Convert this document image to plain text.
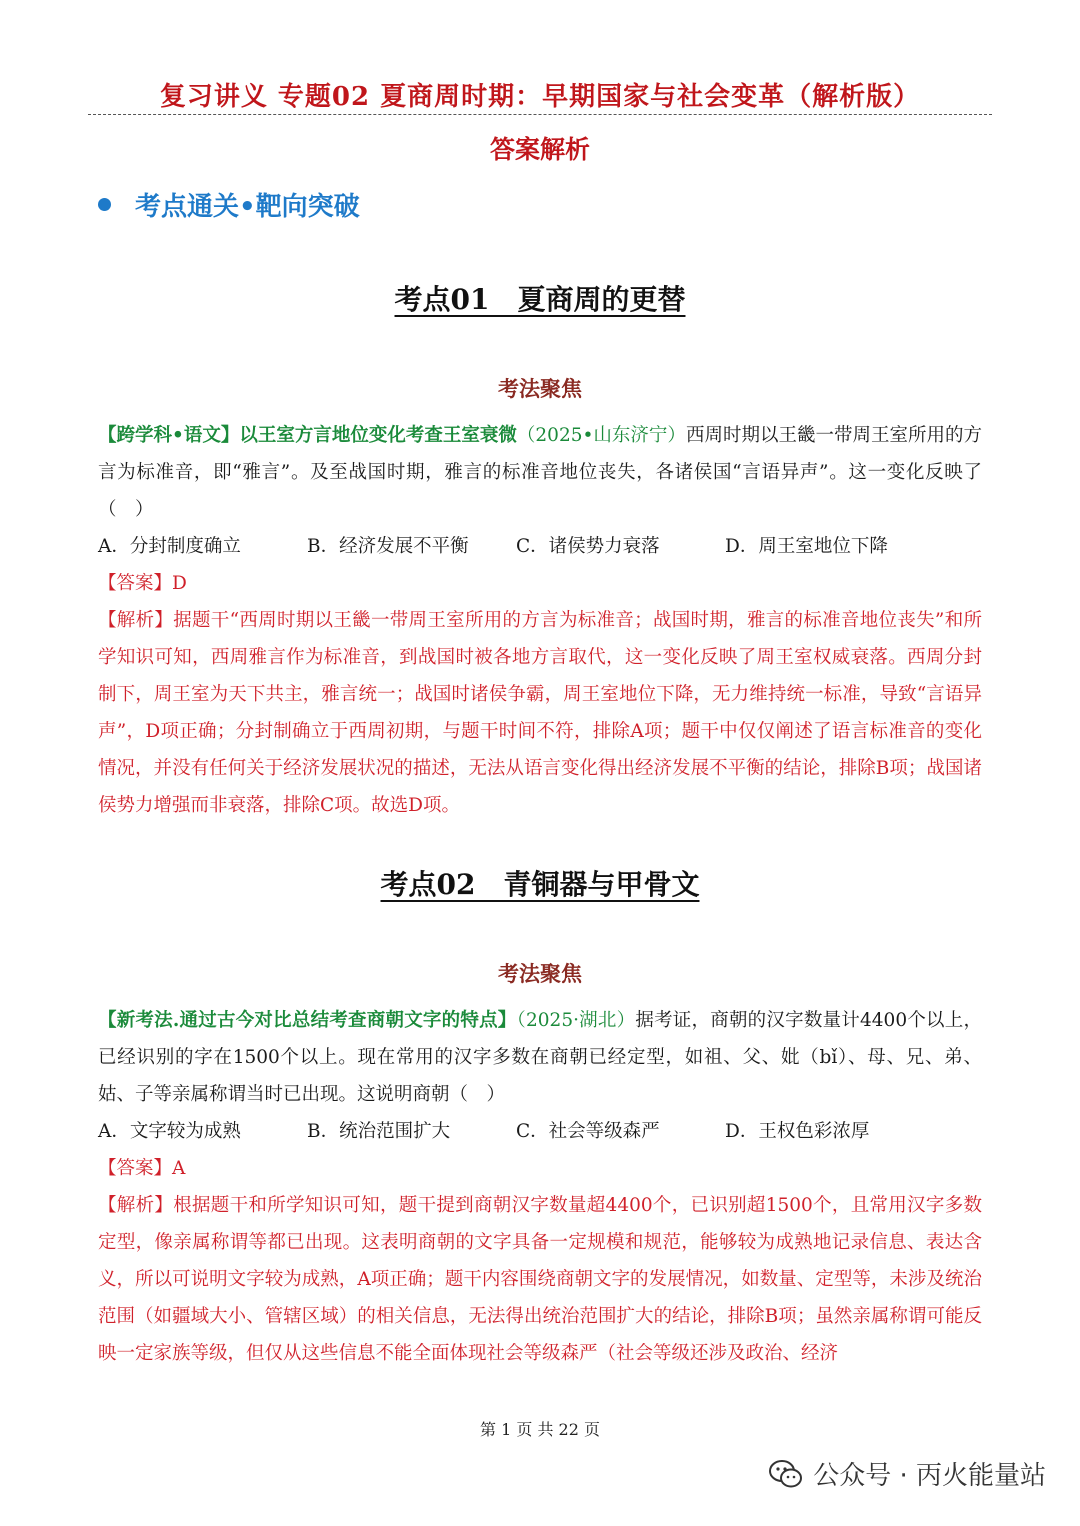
复习讲义 专题02 夏商周时期：早期国家与社会变革（解析版）
答案解析
考点通关•靶向突破
考点01　夏商周的更替
考法聚焦

【跨学科•语文】以王室方言地位变化考查王室衰微（2025•山东济宁）西周时期以王畿一带周王室所用的方言为标准音，即“雅言”。及至战国时期，雅言的标准音地位丧失，各诸侯国“言语异声”。这一变化反映了（　）

A．分封制度确立	B．经济发展不平衡	C．诸侯势力衰落	D．周王室地位下降

【答案】D

【解析】据题干“西周时期以王畿一带周王室所用的方言为标准音；战国时期，雅言的标准音地位丧失”和所学知识可知，西周雅言作为标准音，到战国时被各地方言取代，这一变化反映了周王室权威衰落。西周分封制下，周王室为天下共主，雅言统一；战国时诸侯争霸，周王室地位下降，无力维持统一标准，导致“言语异声”，D项正确；分封制确立于西周初期，与题干时间不符，排除A项；题干中仅仅阐述了语言标准音的变化情况，并没有任何关于经济发展状况的描述，无法从语言变化得出经济发展不平衡的结论，排除B项；战国诸侯势力增强而非衰落，排除C项。故选D项。

考点02　青铜器与甲骨文
考法聚焦

【新考法.通过古今对比总结考查商朝文字的特点】（2025·湖北）据考证，商朝的汉字数量计4400个以上，已经识别的字在1500个以上。现在常用的汉字多数在商朝已经定型，如祖、父、妣（bǐ）、母、兄、弟、姑、子等亲属称谓当时已出现。这说明商朝（　）

A．文字较为成熟	B．统治范围扩大	C．社会等级森严	D．王权色彩浓厚

【答案】A

【解析】根据题干和所学知识可知，题干提到商朝汉字数量超4400个，已识别超1500个，且常用汉字多数定型，像亲属称谓等都已出现。这表明商朝的文字具备一定规模和规范，能够较为成熟地记录信息、表达含义，所以可说明文字较为成熟，A项正确；题干内容围绕商朝文字的发展情况，如数量、定型等，未涉及统治范围（如疆域大小、管辖区域）的相关信息，无法得出统治范围扩大的结论，排除B项；虽然亲属称谓可能反映一定家族等级，但仅从这些信息不能全面体现社会等级森严（社会等级还涉及政治、经济

第 1 页 共 22 页
公众号 · 丙火能量站
